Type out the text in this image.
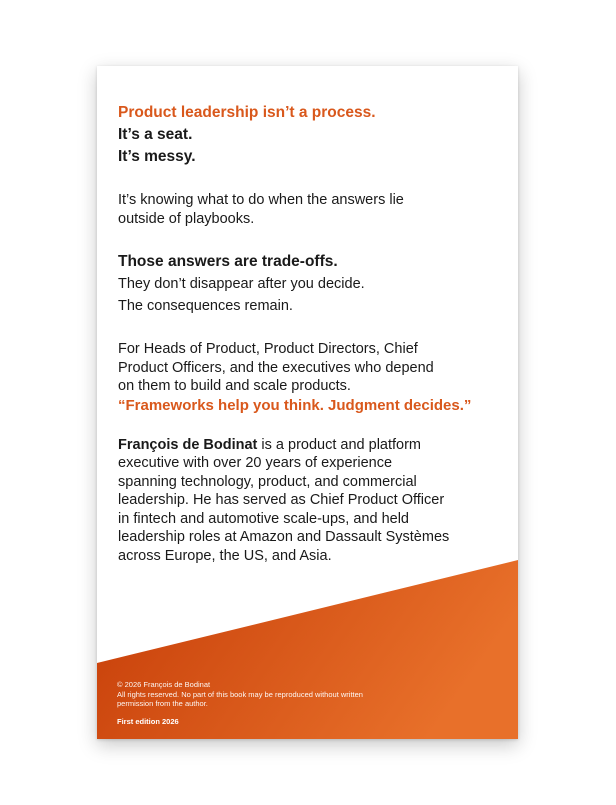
Product leadership isn’t a process.

It’s a seat.

It’s messy.

It’s knowing what to do when the answers lie outside of playbooks.

Those answers are trade-offs.

They don’t disappear after you decide.

The consequences remain.

For Heads of Product, Product Directors, Chief Product Officers, and the executives who depend on them to build and scale products.

“Frameworks help you think. Judgment decides.”

François de Bodinat is a product and platform executive with over 20 years of experience spanning technology, product, and commercial leadership. He has served as Chief Product Officer in fintech and automotive scale-ups, and held leadership roles at Amazon and Dassault Systèmes across Europe, the US, and Asia.

© 2026 François de Bodinat

All rights reserved. No part of this book may be reproduced without written permission from the author.

First edition 2026
